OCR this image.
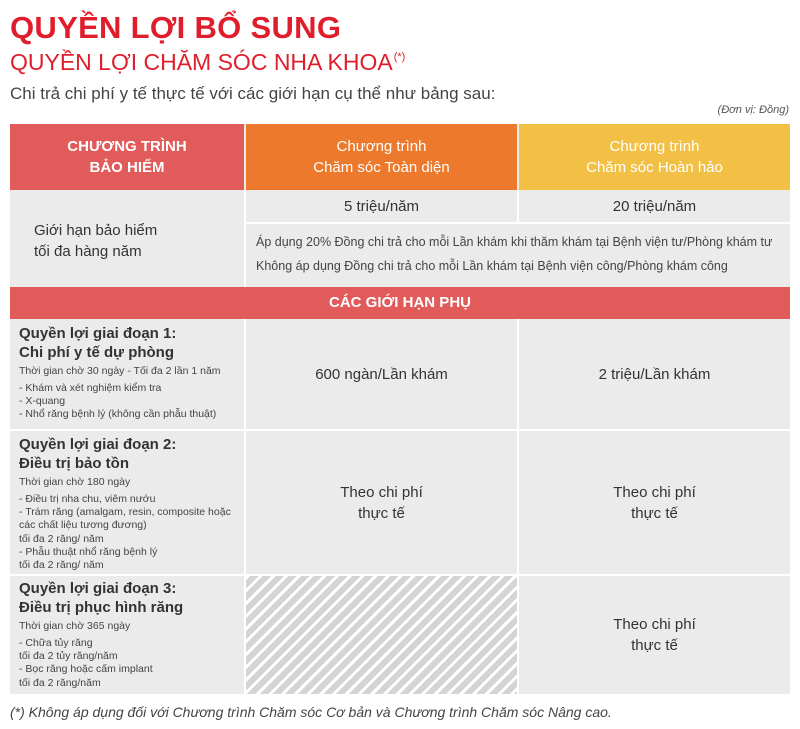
QUYỀN LỢI BỔ SUNG
QUYỀN LỢI CHĂM SÓC NHA KHOA(*)
Chi trả chi phí y tế thực tế với các giới hạn cụ thể như bảng sau:
(Đơn vị: Đồng)
CHƯƠNG TRÌNH
BẢO HIỂM
Chương trình
Chăm sóc Toàn diện
Chương trình
Chăm sóc Hoàn hảo
Giới hạn bảo hiểm
tối đa hàng năm
5 triệu/năm	20 triệu/năm
Áp dụng 20% Đồng chi trả cho mỗi Lần khám khi thăm khám tại Bệnh viện tư/Phòng khám tư
Không áp dụng Đồng chi trả cho mỗi Lần khám tại Bệnh viện công/Phòng khám công
CÁC GIỚI HẠN PHỤ
Quyền lợi giai đoạn 1:
Chi phí y tế dự phòng
Thời gian chờ 30 ngày - Tối đa 2 lần 1 năm
- Khám và xét nghiệm kiểm tra
- X-quang
- Nhổ răng bệnh lý (không cần phẫu thuật)
600 ngàn/Lần khám	2 triệu/Lần khám
Quyền lợi giai đoạn 2:
Điều trị bảo tồn
Thời gian chờ 180 ngày
- Điều trị nha chu, viêm nướu
- Trám răng (amalgam, resin, composite hoặc
các chất liệu tương đương)
tối đa 2 răng/ năm
- Phẫu thuật nhổ răng bệnh lý
tối đa 2 răng/ năm
Theo chi phí
thực tế
Theo chi phí
thực tế
Quyền lợi giai đoạn 3:
Điều trị phục hình răng
Thời gian chờ 365 ngày
- Chữa tủy răng
tối đa 2 tủy răng/năm
- Bọc răng hoặc cấm implant
tối đa 2 răng/năm
Theo chi phí
thực tế
(*) Không áp dụng đối với Chương trình Chăm sóc Cơ bản và Chương trình Chăm sóc Nâng cao.
